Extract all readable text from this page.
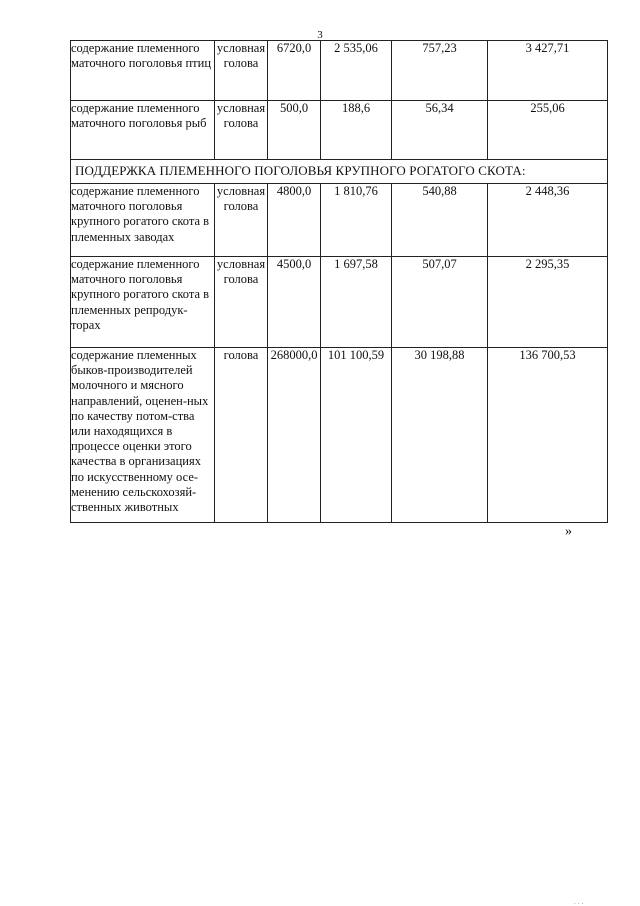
3
содержание племенного маточного поголовья птиц	условная голова	6720,0	2 535,06	757,23	3 427,71
содержание племенного маточного поголовья рыб	условная голова	500,0	188,6	56,34	255,06
ПОДДЕРЖКА ПЛЕМЕННОГО ПОГОЛОВЬЯ КРУПНОГО РОГАТОГО СКОТА:					
содержание племенного маточного поголовья крупного рогатого скота в племенных заводах	условная голова	4800,0	1 810,76	540,88	2 448,36
содержание племенного маточного поголовья крупного рогатого скота в племенных репродук-торах	условная голова	4500,0	1 697,58	507,07	2 295,35
содержание племенных быков-производителей молочного и мясного направлений, оценен-ных по качеству потом-ства или находящихся в процессе оценки этого качества в организациях по искусственному осе-менению сельскохозяй-ственных животных	голова	268000,0	101 100,59	30 198,88	136 700,53
»
. . .
